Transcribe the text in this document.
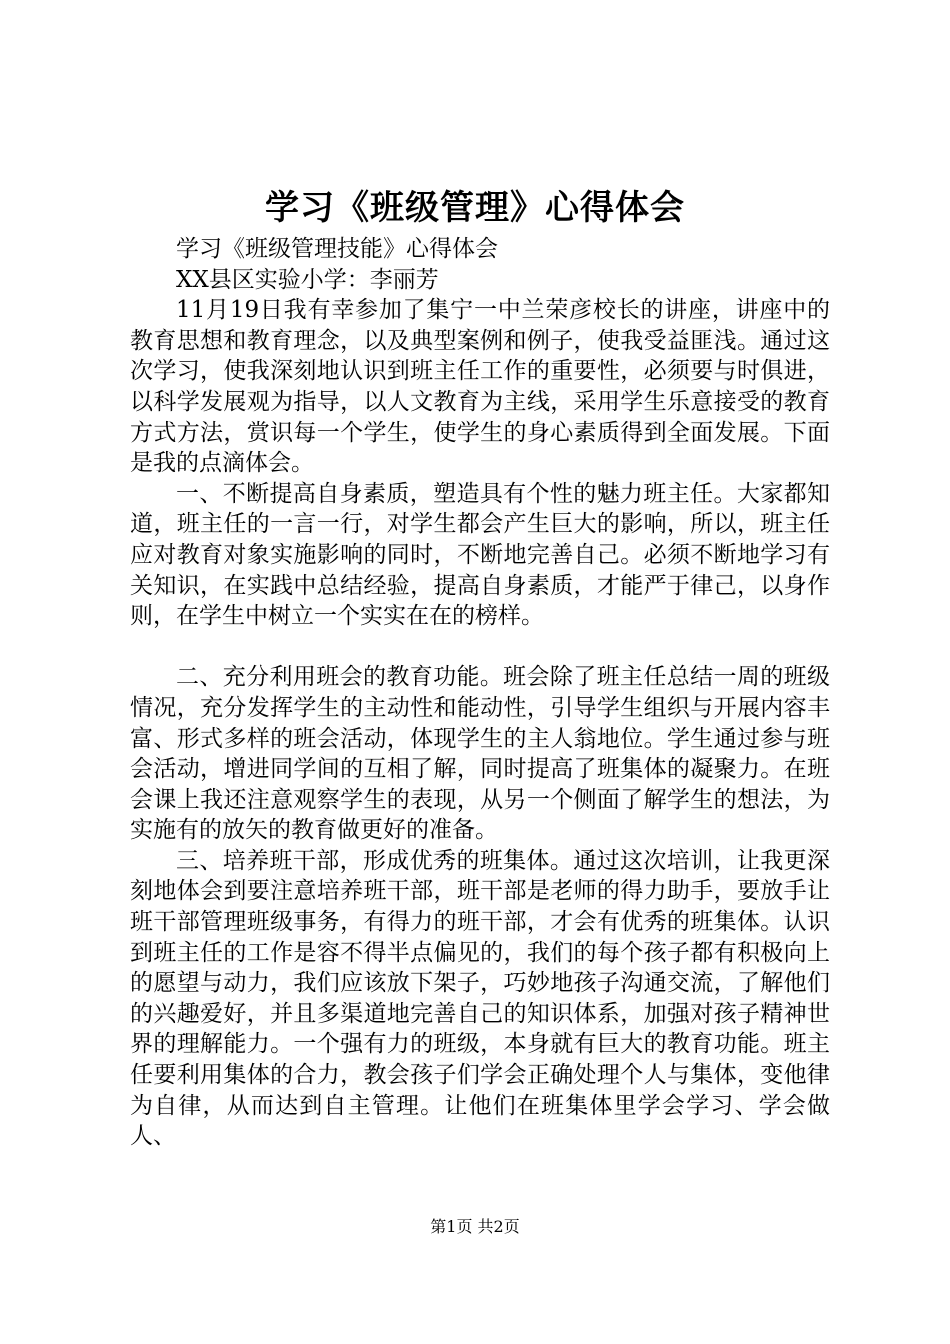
学习《班级管理》心得体会

学习《班级管理技能》心得体会

XX县区实验小学：李丽芳

11月19日我有幸参加了集宁一中兰荣彦校长的讲座，讲座中的教育思想和教育理念，以及典型案例和例子，使我受益匪浅。通过这次学习，使我深刻地认识到班主任工作的重要性，必须要与时俱进，以科学发展观为指导，以人文教育为主线，采用学生乐意接受的教育方式方法，赏识每一个学生，使学生的身心素质得到全面发展。下面是我的点滴体会。

一、不断提高自身素质，塑造具有个性的魅力班主任。大家都知道，班主任的一言一行，对学生都会产生巨大的影响，所以，班主任应对教育对象实施影响的同时，不断地完善自己。必须不断地学习有关知识，在实践中总结经验，提高自身素质，才能严于律己，以身作则，在学生中树立一个实实在在的榜样。

二、充分利用班会的教育功能。班会除了班主任总结一周的班级情况，充分发挥学生的主动性和能动性，引导学生组织与开展内容丰富、形式多样的班会活动，体现学生的主人翁地位。学生通过参与班会活动，增进同学间的互相了解，同时提高了班集体的凝聚力。在班会课上我还注意观察学生的表现，从另一个侧面了解学生的想法，为实施有的放矢的教育做更好的准备。

三、培养班干部，形成优秀的班集体。通过这次培训，让我更深刻地体会到要注意培养班干部，班干部是老师的得力助手，要放手让班干部管理班级事务，有得力的班干部，才会有优秀的班集体。认识到班主任的工作是容不得半点偏见的，我们的每个孩子都有积极向上的愿望与动力，我们应该放下架子，巧妙地孩子沟通交流，了解他们的兴趣爱好，并且多渠道地完善自己的知识体系，加强对孩子精神世界的理解能力。一个强有力的班级，本身就有巨大的教育功能。班主任要利用集体的合力，教会孩子们学会正确处理个人与集体，变他律为自律，从而达到自主管理。让他们在班集体里学会学习、学会做人、

第1页 共2页
